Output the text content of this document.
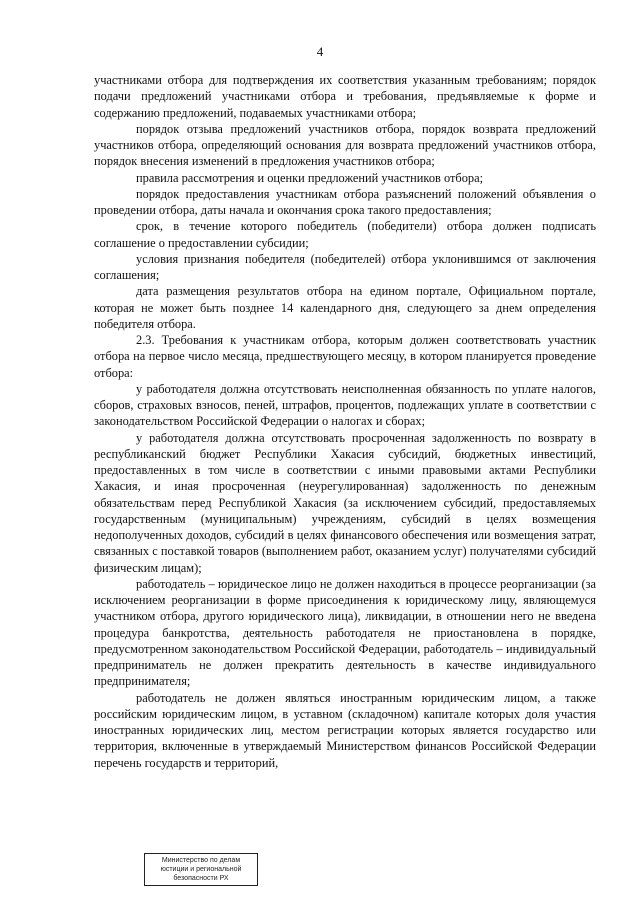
4

участниками отбора для подтверждения их соответствия указанным требованиям; порядок подачи предложений участниками отбора и требования, предъявляемые к форме и содержанию предложений, подаваемых участниками отбора;

порядок отзыва предложений участников отбора, порядок возврата предложений участников отбора, определяющий основания для возврата предложений участников отбора, порядок внесения изменений в предложения участников отбора;

правила рассмотрения и оценки предложений участников отбора;

порядок предоставления участникам отбора разъяснений положений объявления о проведении отбора, даты начала и окончания срока такого предоставления;

срок, в течение которого победитель (победители) отбора должен подписать соглашение о предоставлении субсидии;

условия признания победителя (победителей) отбора уклонившимся от заключения соглашения;

дата размещения результатов отбора на едином портале, Официальном портале, которая не может быть позднее 14 календарного дня, следующего за днем определения победителя отбора.

2.3. Требования к участникам отбора, которым должен соответствовать участник отбора на первое число месяца, предшествующего месяцу, в котором планируется проведение отбора:

у работодателя должна отсутствовать неисполненная обязанность по уплате налогов, сборов, страховых взносов, пеней, штрафов, процентов, подлежащих уплате в соответствии с законодательством Российской Федерации о налогах и сборах;

у работодателя должна отсутствовать просроченная задолженность по возврату в республиканский бюджет Республики Хакасия субсидий, бюджетных инвестиций, предоставленных в том числе в соответствии с иными правовыми актами Республики Хакасия, и иная просроченная (неурегулированная) задолженность по денежным обязательствам перед Республикой Хакасия (за исключением субсидий, предоставляемых государственным (муниципальным) учреждениям, субсидий в целях возмещения недополученных доходов, субсидий в целях финансового обеспечения или возмещения затрат, связанных с поставкой товаров (выполнением работ, оказанием услуг) получателями субсидий физическим лицам);

работодатель – юридическое лицо не должен находиться в процессе реорганизации (за исключением реорганизации в форме присоединения к юридическому лицу, являющемуся участником отбора, другого юридического лица), ликвидации, в отношении него не введена процедура банкротства, деятельность работодателя не приостановлена в порядке, предусмотренном законодательством Российской Федерации, работодатель – индивидуальный предприниматель не должен прекратить деятельность в качестве индивидуального предпринимателя;

работодатель не должен являться иностранным юридическим лицом, а также российским юридическим лицом, в уставном (складочном) капитале которых доля участия иностранных юридических лиц, местом регистрации которых является государство или территория, включенные в утверждаемый Министерством финансов Российской Федерации перечень государств и территорий,

Министерство по делам
юстиции и региональной
безопасности РХ
